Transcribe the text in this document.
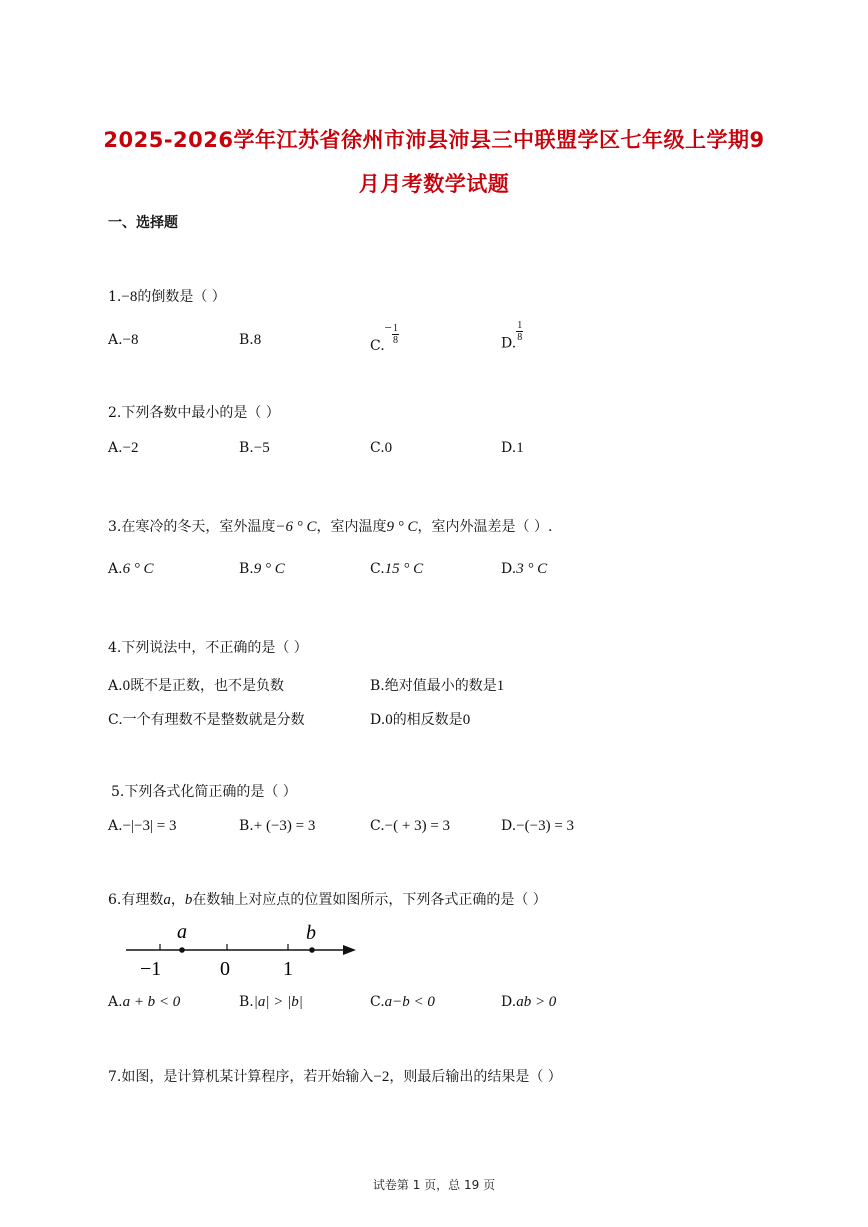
2025-2026学年江苏省徐州市沛县沛县三中联盟学区七年级上学期9
月月考数学试题
一、选择题
1.−8的倒数是（ ）
A.−8	B.8	$C.- \frac{1}{8}$	D.
$\frac{1}{8}$
2.下列各数中最小的是（ ）
A.−2	B.−5	C.0	D.1
3.在寒冷的冬天，室外温度−6 ° C，室内温度9 ° C，室内外温差是（ ）.
A.6 ° C	B.9 ° C	C.15 ° C	D.3 ° C
4.下列说法中，不正确的是（ ）
A.0既不是正数，也不是负数	B.绝对值最小的数是1
C.一个有理数不是整数就是分数	D.0的相反数是0
5.下列各式化简正确的是（ ）
A.−|−3| = 3	B.+ (−3) = 3	C.−( + 3) = 3	D.−(−3) = 3
6.有理数a，b在数轴上对应点的位置如图所示，下列各式正确的是（ ）
a	b
−1	0	1
A.a + b < 0	B.|a| > |b|	C.a−b < 0	D.ab > 0
7.如图，是计算机某计算程序，若开始输入−2，则最后输出的结果是（ ）
试卷第 1 页，总 19 页
